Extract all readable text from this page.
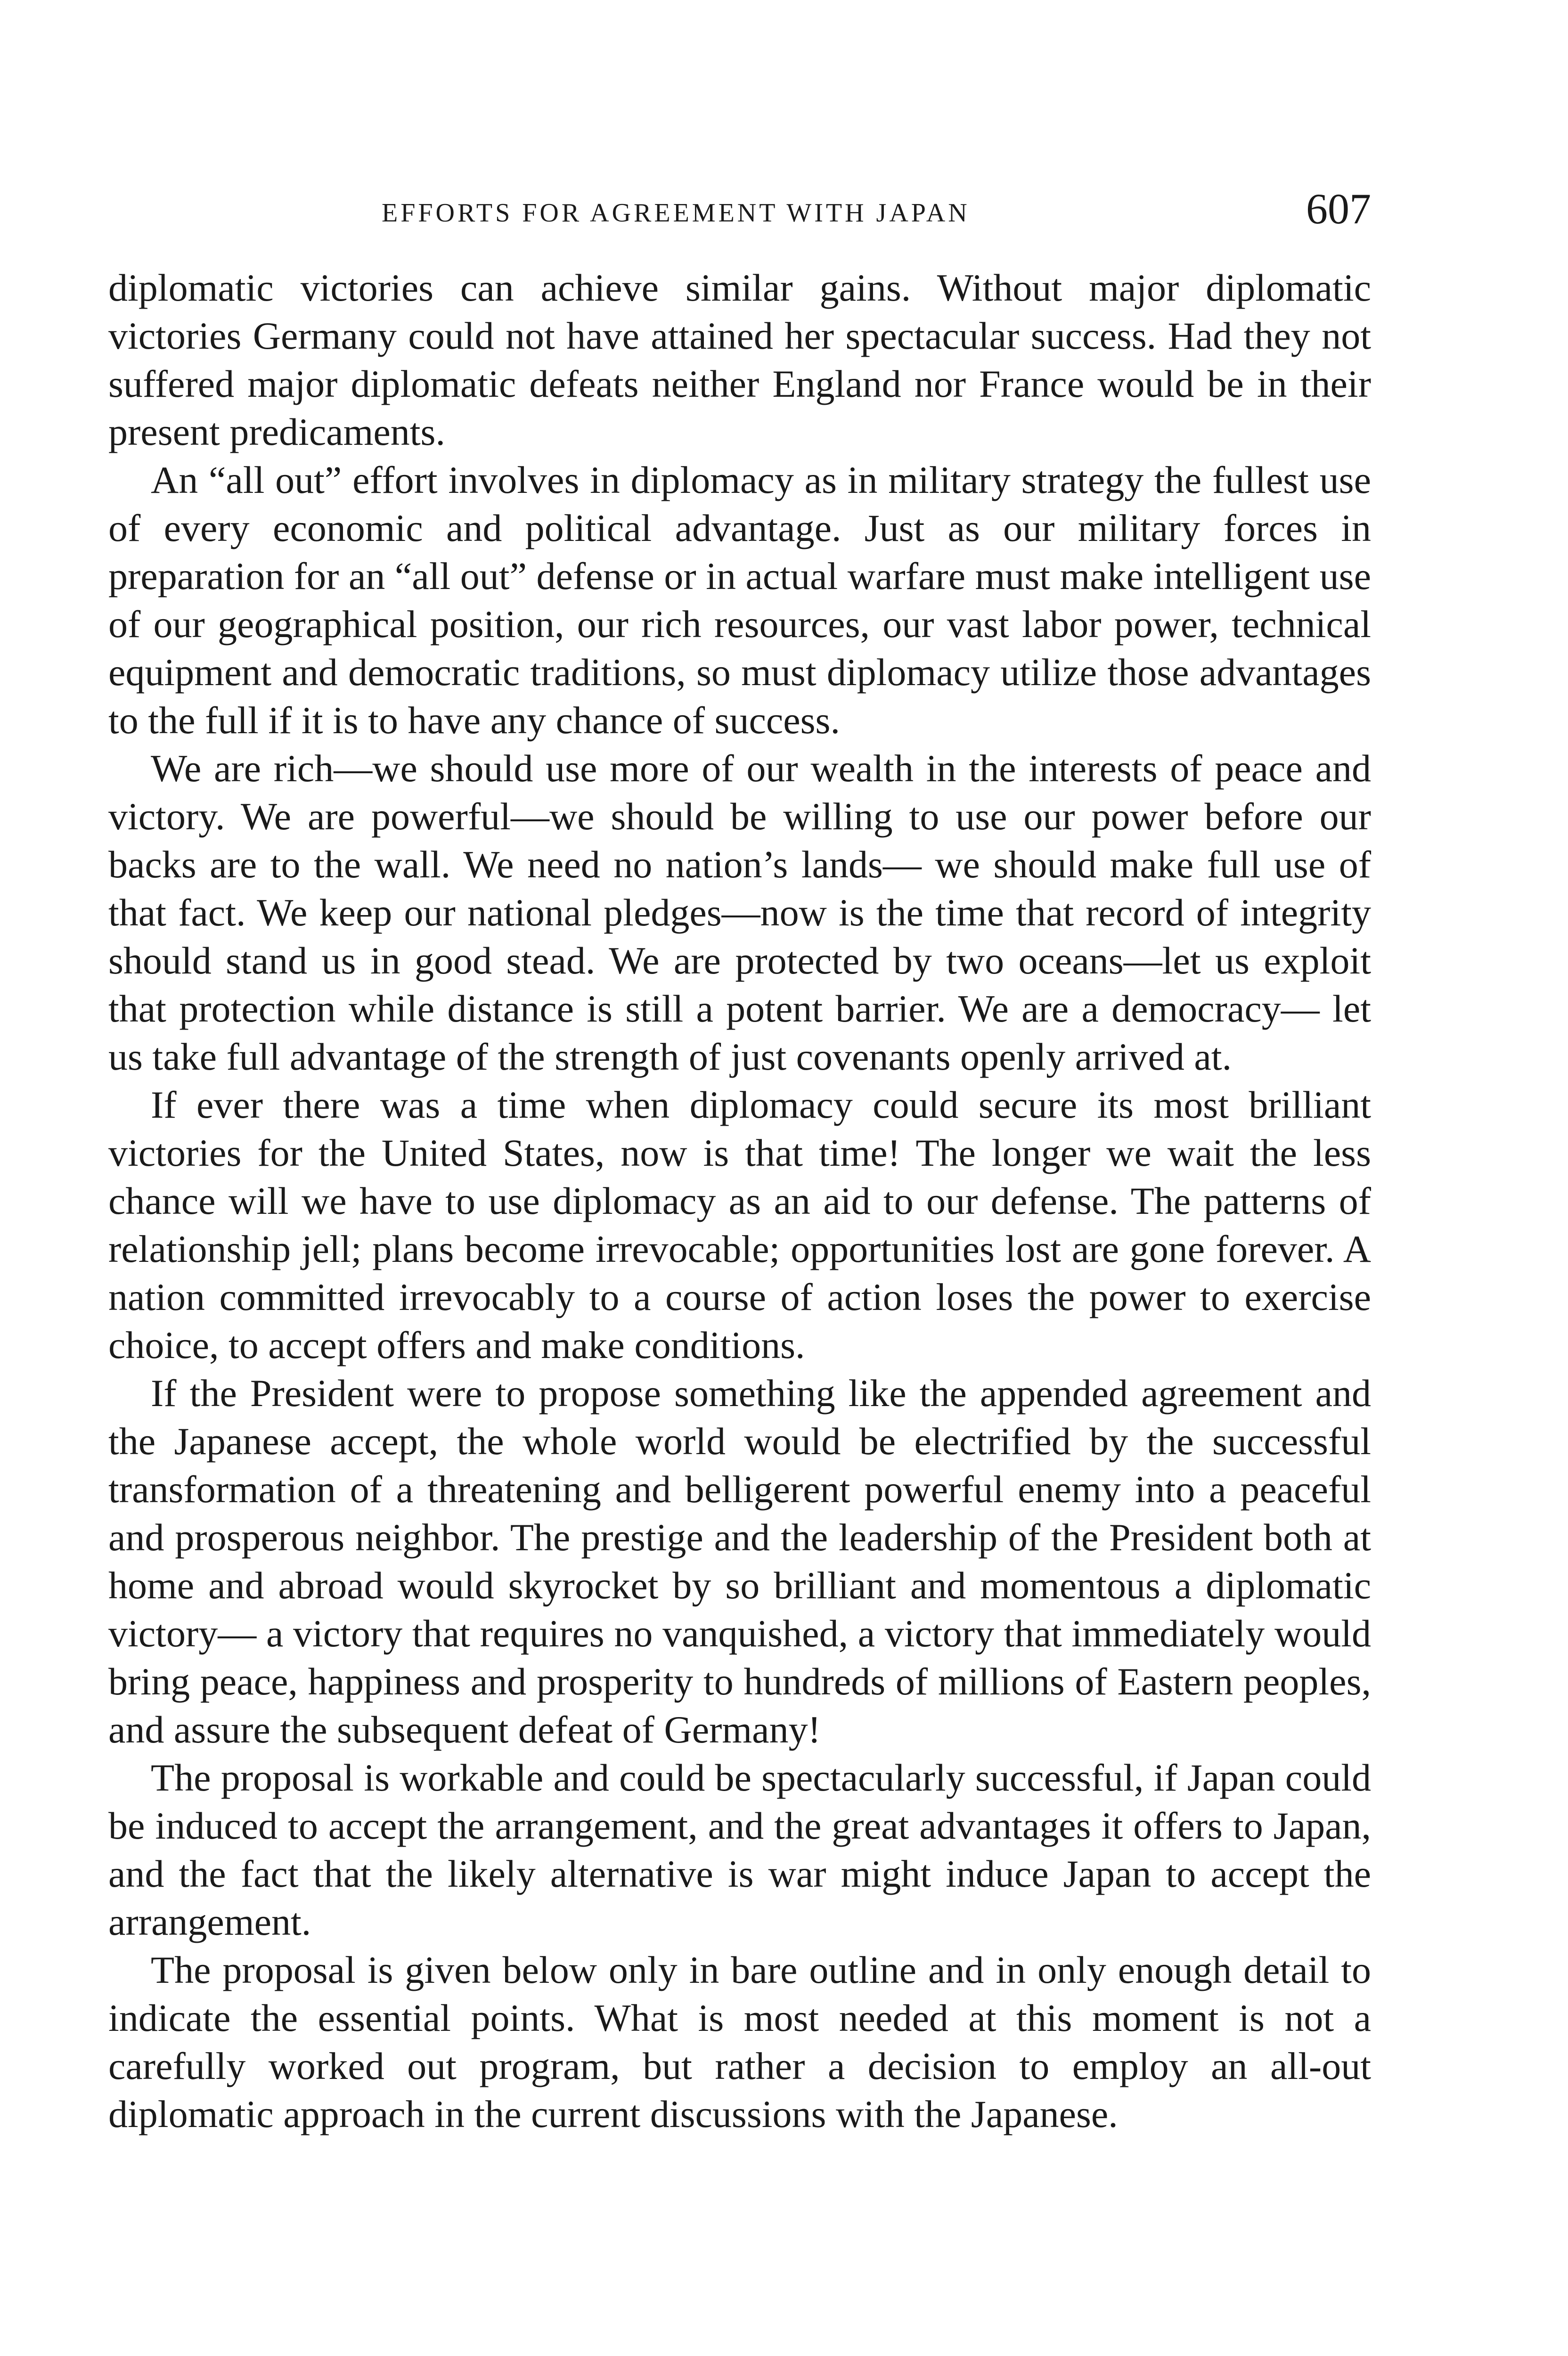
EFFORTS FOR AGREEMENT WITH JAPAN	607

diplomatic victories can achieve similar gains. Without major diplomatic victories Germany could not have attained her spectacular success. Had they not suffered major diplomatic defeats neither England nor France would be in their present predicaments.

An “all out” effort involves in diplomacy as in military strategy the fullest use of every economic and political advantage. Just as our military forces in preparation for an “all out” defense or in actual warfare must make intelligent use of our geographical position, our rich resources, our vast labor power, technical equipment and democratic traditions, so must diplomacy utilize those advantages to the full if it is to have any chance of success.

We are rich—we should use more of our wealth in the interests of peace and victory. We are powerful—we should be willing to use our power before our backs are to the wall. We need no nation’s lands— we should make full use of that fact. We keep our national pledges—now is the time that record of integrity should stand us in good stead. We are protected by two oceans—let us exploit that protection while distance is still a potent barrier. We are a democracy— let us take full advantage of the strength of just covenants openly arrived at.

If ever there was a time when diplomacy could secure its most brilliant victories for the United States, now is that time! The longer we wait the less chance will we have to use diplomacy as an aid to our defense. The patterns of relationship jell; plans become irrevocable; opportunities lost are gone forever. A nation committed irrevocably to a course of action loses the power to exercise choice, to accept offers and make conditions.

If the President were to propose something like the appended agreement and the Japanese accept, the whole world would be electrified by the successful transformation of a threatening and belligerent powerful enemy into a peaceful and prosperous neighbor. The prestige and the leadership of the President both at home and abroad would skyrocket by so brilliant and momentous a diplomatic victory— a victory that requires no vanquished, a victory that immediately would bring peace, happiness and prosperity to hundreds of millions of Eastern peoples, and assure the subsequent defeat of Germany!

The proposal is workable and could be spectacularly successful, if Japan could be induced to accept the arrangement, and the great advantages it offers to Japan, and the fact that the likely alternative is war might induce Japan to accept the arrangement.

The proposal is given below only in bare outline and in only enough detail to indicate the essential points. What is most needed at this moment is not a carefully worked out program, but rather a decision to employ an all-out diplomatic approach in the current discussions with the Japanese.
